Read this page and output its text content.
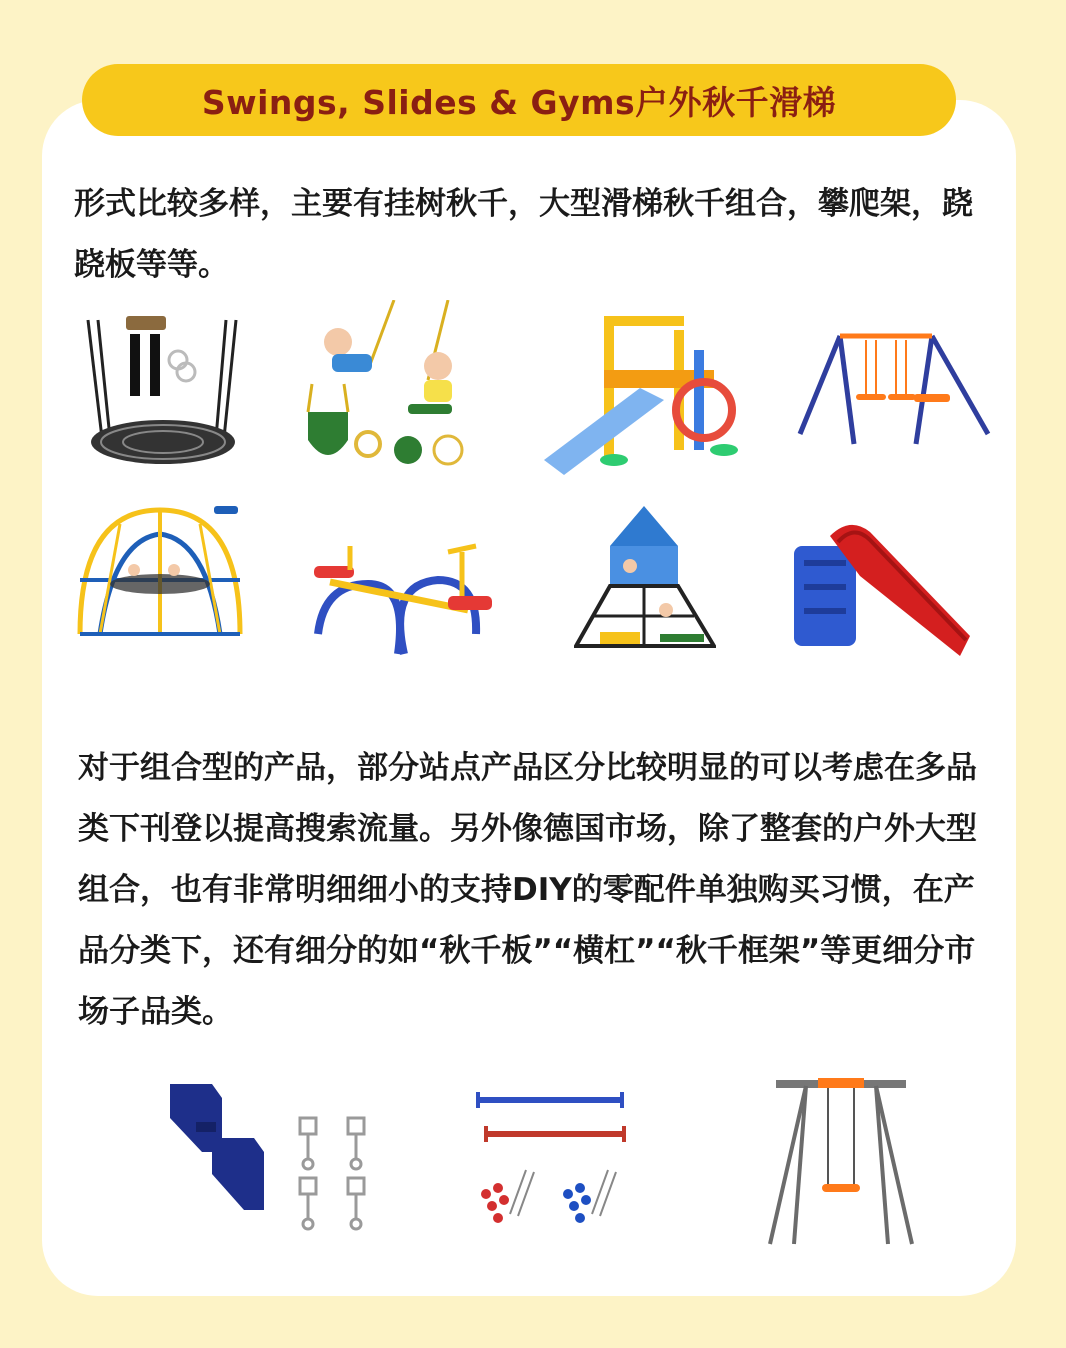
Swings, Slides & Gyms户外秋千滑梯

形式比较多样，主要有挂树秋千，大型滑梯秋千组合，攀爬架，跷跷板等等。

对于组合型的产品，部分站点产品区分比较明显的可以考虑在多品类下刊登以提高搜索流量。另外像德国市场，除了整套的户外大型组合，也有非常明细细小的支持DIY的零配件单独购买习惯，在产品分类下，还有细分的如“秋千板”“横杠”“秋千框架”等更细分市场子品类。
